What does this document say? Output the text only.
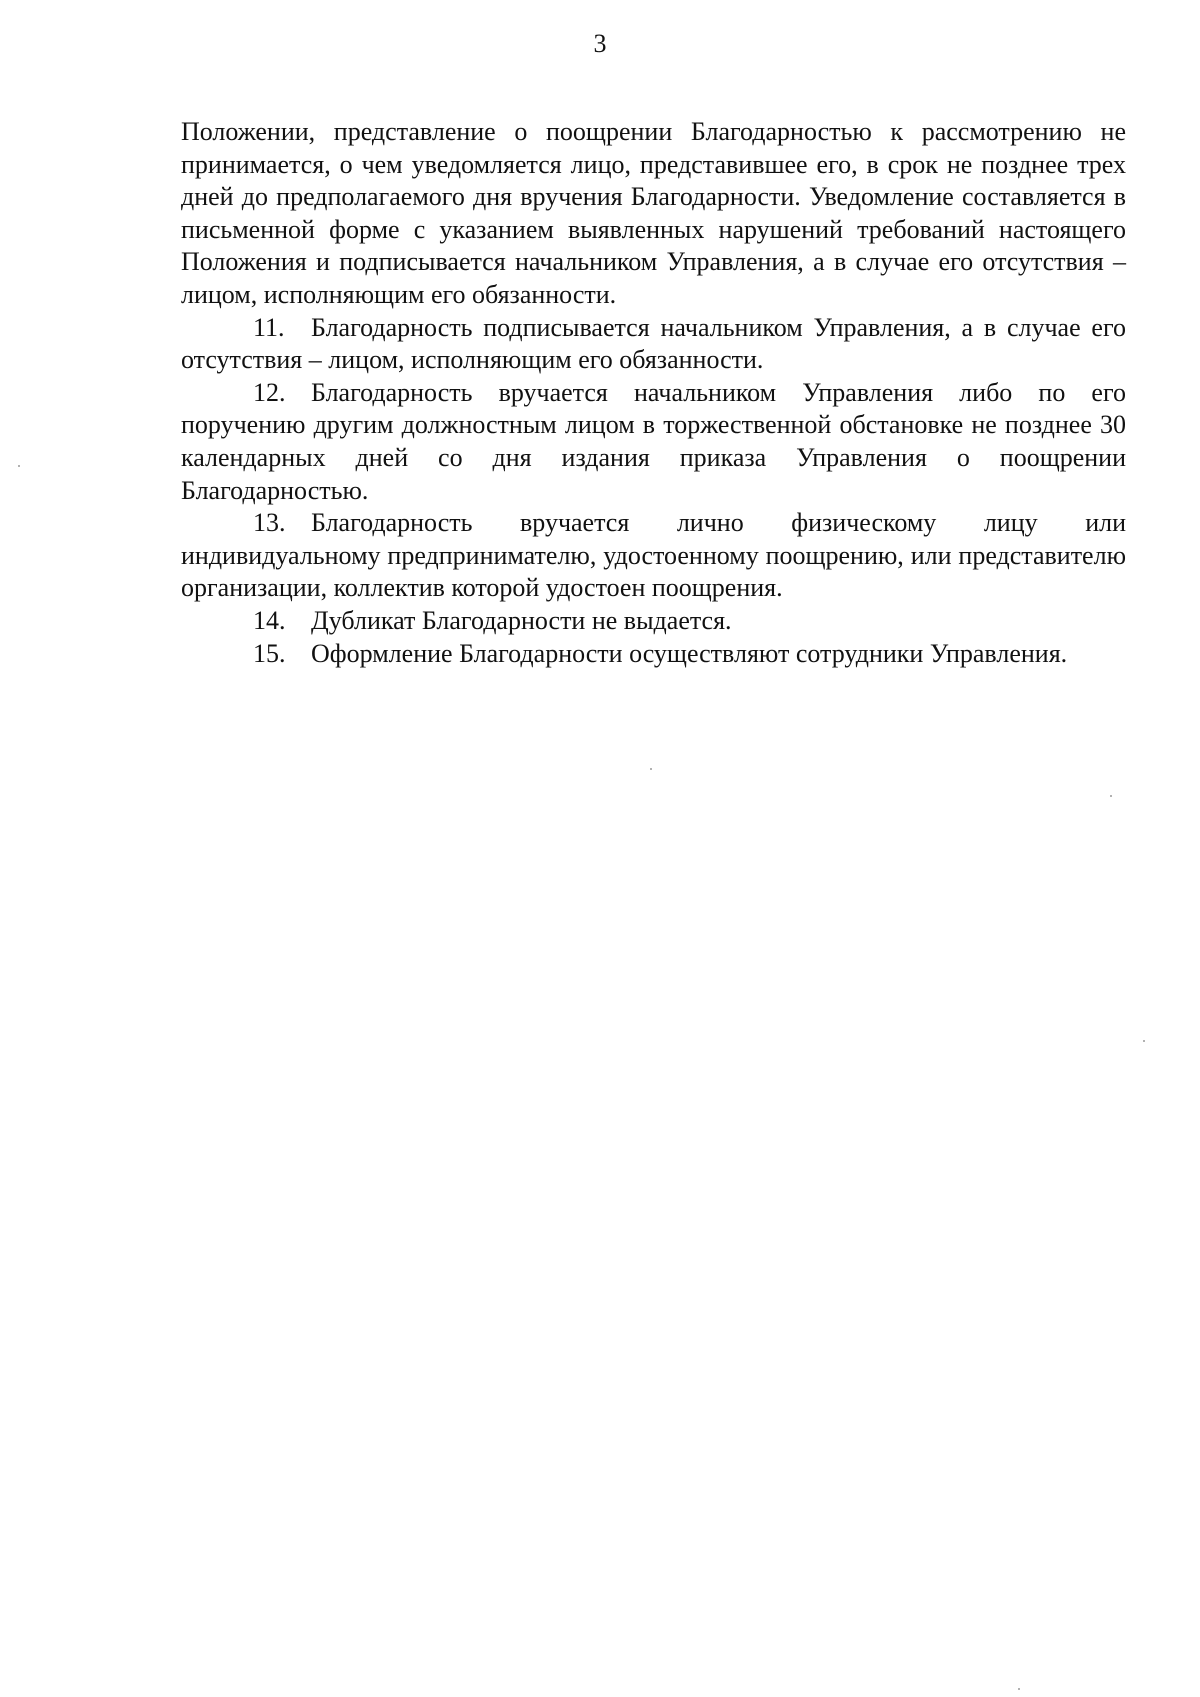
3

Положении, представление о поощрении Благодарностью к рассмотрению не принимается, о чем уведомляется лицо, представившее его, в срок не позднее трех дней до предполагаемого дня вручения Благодарности. Уведомление составляется в письменной форме с указанием выявленных нарушений требований настоящего Положения и подписывается начальником Управления, а в случае его отсутствия – лицом, исполняющим его обязанности.

11. Благодарность подписывается начальником Управления, а в случае его отсутствия – лицом, исполняющим его обязанности.

12. Благодарность вручается начальником Управления либо по его поручению другим должностным лицом в торжественной обстановке не позднее 30 календарных дней со дня издания приказа Управления о поощрении Благодарностью.

13. Благодарность вручается лично физическому лицу или индивидуальному предпринимателю, удостоенному поощрению, или представителю организации, коллектив которой удостоен поощрения.

14. Дубликат Благодарности не выдается.

15. Оформление Благодарности осуществляют сотрудники Управления.
